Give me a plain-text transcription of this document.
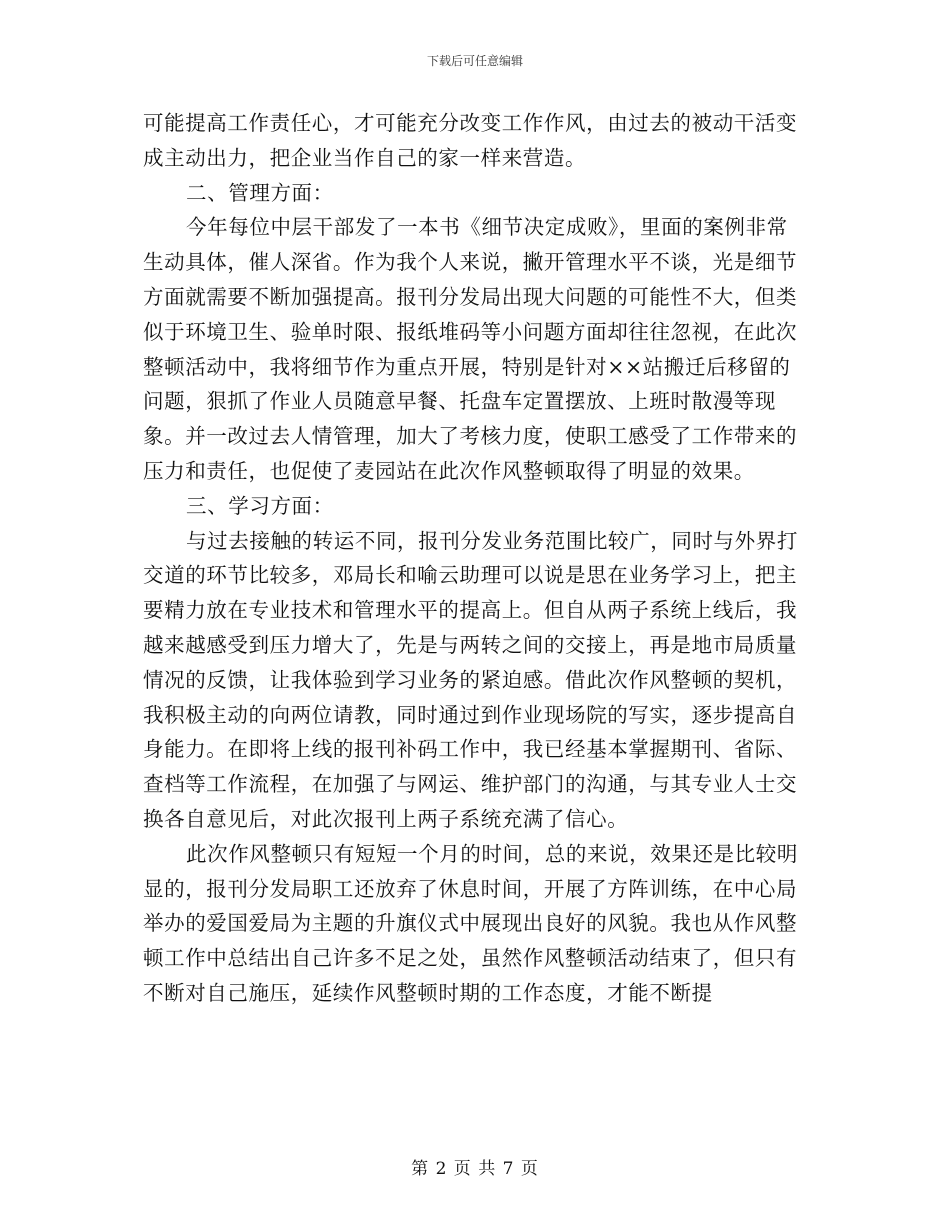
下载后可任意编辑

可能提高工作责任心，才可能充分改变工作作风，由过去的被动干活变成主动出力，把企业当作自己的家一样来营造。

二、管理方面：

今年每位中层干部发了一本书《细节决定成败》，里面的案例非常生动具体，催人深省。作为我个人来说，撇开管理水平不谈，光是细节方面就需要不断加强提高。报刊分发局出现大问题的可能性不大，但类似于环境卫生、验单时限、报纸堆码等小问题方面却往往忽视，在此次整顿活动中，我将细节作为重点开展，特别是针对××站搬迁后移留的问题，狠抓了作业人员随意早餐、托盘车定置摆放、上班时散漫等现象。并一改过去人情管理，加大了考核力度，使职工感受了工作带来的压力和责任，也促使了麦园站在此次作风整顿取得了明显的效果。

三、学习方面：

与过去接触的转运不同，报刊分发业务范围比较广，同时与外界打交道的环节比较多，邓局长和喻云助理可以说是思在业务学习上，把主要精力放在专业技术和管理水平的提高上。但自从两子系统上线后，我越来越感受到压力增大了，先是与两转之间的交接上，再是地市局质量情况的反馈，让我体验到学习业务的紧迫感。借此次作风整顿的契机，我积极主动的向两位请教，同时通过到作业现场院的写实，逐步提高自身能力。在即将上线的报刊补码工作中，我已经基本掌握期刊、省际、查档等工作流程，在加强了与网运、维护部门的沟通，与其专业人士交换各自意见后，对此次报刊上两子系统充满了信心。

此次作风整顿只有短短一个月的时间，总的来说，效果还是比较明显的，报刊分发局职工还放弃了休息时间，开展了方阵训练，在中心局举办的爱国爱局为主题的升旗仪式中展现出良好的风貌。我也从作风整顿工作中总结出自己许多不足之处，虽然作风整顿活动结束了，但只有不断对自己施压，延续作风整顿时期的工作态度，才能不断提

第 2 页 共 7 页
